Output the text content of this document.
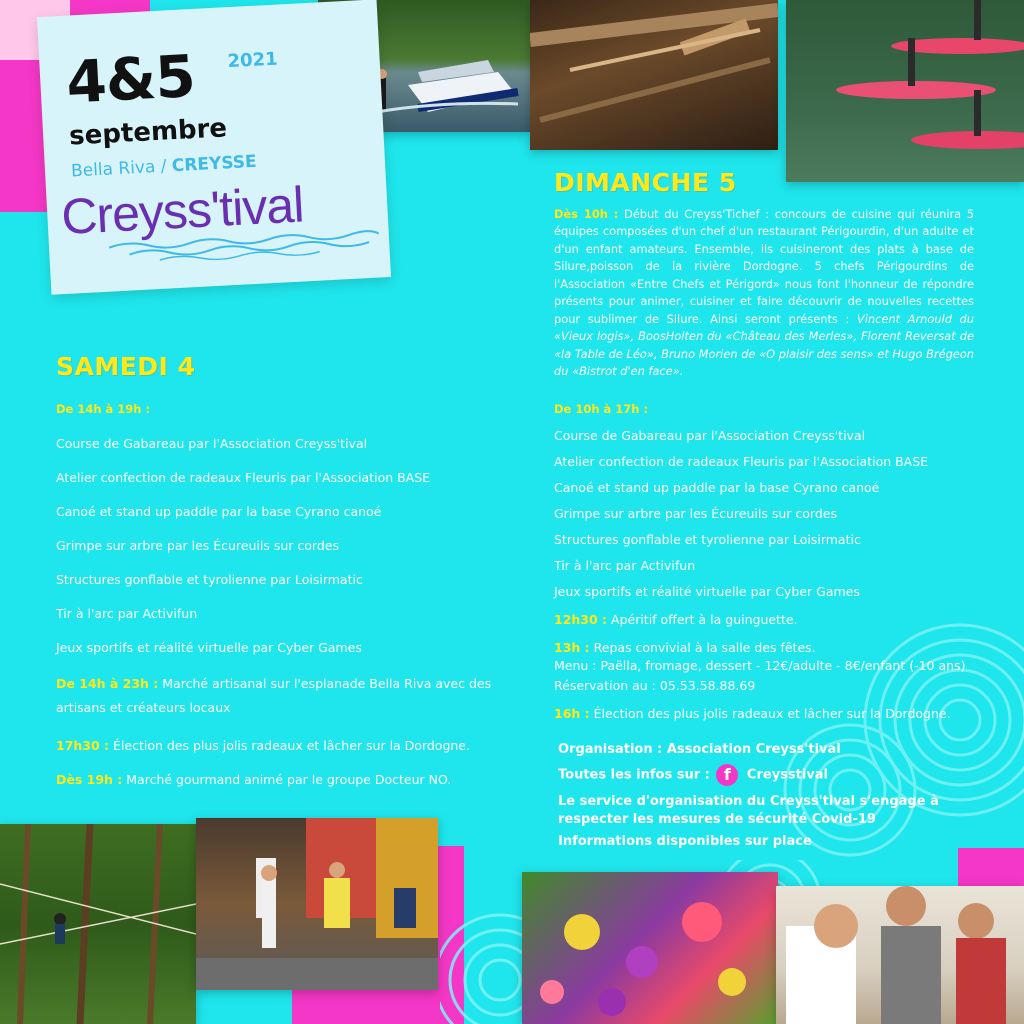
4&5 2021
septembre
Bella Riva / CREYSSE
Creyss'tival
SAMEDI 4
De 14h à 19h :
Course de Gabareau par l'Association Creyss'tival
Atelier confection de radeaux Fleuris par l'Association BASE
Canoé et stand up paddle par la base Cyrano canoé
Grimpe sur arbre par les Écureuils sur cordes
Structures gonflable et tyrolienne par Loisirmatic
Tir à l'arc par Activifun
Jeux sportifs et réalité virtuelle par Cyber Games
De 14h à 23h : Marché artisanal sur l'esplanade Bella Riva avec des
artisans et créateurs locaux
17h30 : Élection des plus jolis radeaux et lâcher sur la Dordogne.
Dès 19h : Marché gourmand animé par le groupe Docteur NO.
DIMANCHE 5
Dès 10h : Début du Creyss'Tichef : concours de cuisine qui réunira 5 équipes composées d'un chef d'un restaurant Périgourdin, d'un adulte et d'un enfant amateurs. Ensemble, ils cuisineront des plats à base de Silure,poisson de la rivière Dordogne. 5 chefs Périgourdins de l'Association «Entre Chefs et Périgord» nous font l'honneur de répondre présents pour animer, cuisiner et faire découvrir de nouvelles recettes pour sublimer de Silure. Ainsi seront présents : Vincent Arnould du «Vieux logis», BoosHolten du «Château des Merles», Florent Reversat de «la Table de Léo», Bruno Morien de «O plaisir des sens» et Hugo Brégeon du «Bistrot d'en face».
De 10h à 17h :
Course de Gabareau par l'Association Creyss'tival
Atelier confection de radeaux Fleuris par l'Association BASE
Canoé et stand up paddle par la base Cyrano canoé
Grimpe sur arbre par les Écureuils sur cordes
Structures gonflable et tyrolienne par Loisirmatic
Tir à l'arc par Activifun
Jeux sportifs et réalité virtuelle par Cyber Games
12h30 : Apéritif offert à la guinguette.
13h : Repas convivial à la salle des fêtes.
Menu : Paëlla, fromage, dessert - 12€/adulte - 8€/enfant (-10 ans)
Réservation au : 05.53.58.88.69
16h : Élection des plus jolis radeaux et lâcher sur la Dordogne.
Organisation : Association Creyss'tival
Toutes les infos sur : f Creysstival
Le service d'organisation du Creyss'tival s'engage à
respecter les mesures de sécurité Covid-19
Informations disponibles sur place
